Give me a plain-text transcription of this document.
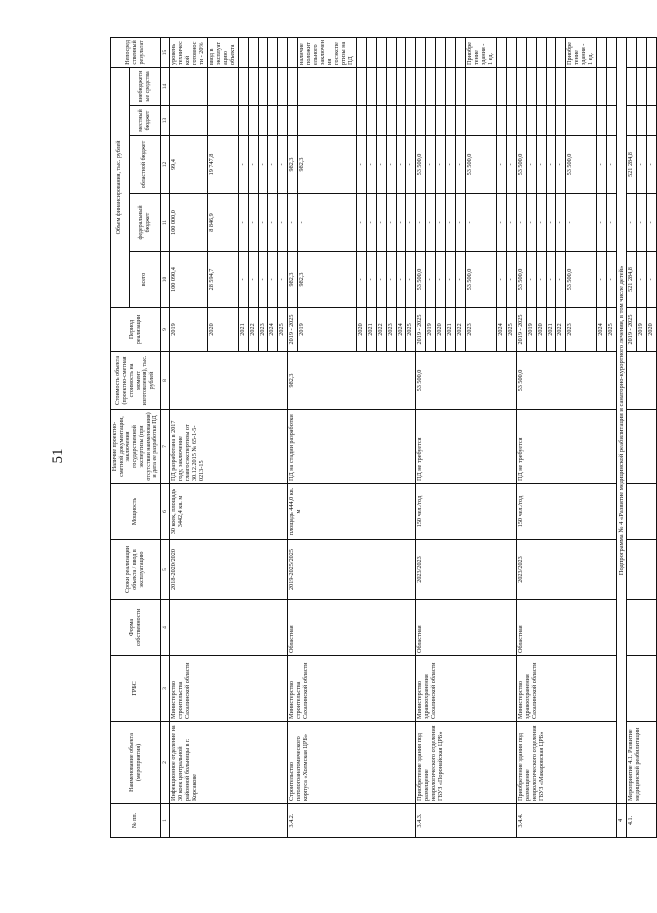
51
№ пп.	Наименование объекта (мероприятия)	ГРБС	Форма собственности	Сроки реализации объекта / ввод в эксплуатацию	Мощность	Наличие проектно-сметной документации, заключения государственной экспертизы (при отсутствии наименования) и дата ее разработки ПД	Стоимость объекта (проектно-сметная стоимость на момент изготовления), тыс. рублей	Период реализации	Объем финансирования, тыс. рублей					Непосредственный результат
									всего	федеральный бюджет	областной бюджет	местный бюджет	внебюджетные средства	
1	2	3	4	5	6	7	8	9	10	11	12	13	14	15
	Инфекционное отделение на 30 коек центральной районной больницы в г. Корсакове	Министерство строительства Сахалинской области		2018-2020/2020	30 коек, площадь 3442,4 кв. м	ПД разработана в 2017 году, заключение главгосэкспертизы от 30.12.2015 № 65-1-5-0213-15		2019	100 090,4	100 000,0	99,4			уровень технической готовности - 20%
								2020	28 594,7	8 846,9	19 747,8			ввод в эксплуатацию объекта
								2021	-	-	-			
								2022	-	-	-			
								2023	-	-	-			
								2024	-	-	-			
								2025	-	-	-			
3.4.2.	Строительство патологоанатомического корпуса «Холмская ЦРБ»	Министерство строительства Сахалинской области	Областная	2019-2025/2025	площадь 444,0 кв. м	ПД на стадии разработки	982,3	2019 - 2025	982,3	-	982,3			
								2019	982,3	-	982,3			наличие положительного заключения госэкспертизы на ПД
								2020	-	-	-			
								2021	-	-	-			
								2022	-	-	-			
								2023	-	-	-			
								2024	-	-	-			
								2025	-	-	-			
3.4.3.	Приобретение здания под размещение неврологического отделения ГБУЗ «Поронайская ЦРБ»	Министерство здравоохранения Сахалинской области	Областная	2023/2023	150 чел./год	ПД не требуется	53 500,0	2019 - 2025	53 500,0	-	53 500,0			
								2019	-	-	-			
								2020	-	-	-			
								2021	-	-	-			
								2022	-	-	-			
								2023	53 500,0	-	53 500,0			Приобретение здания - 1 ед.
								2024	-	-	-			
								2025	-	-	-			
3.4.4.	Приобретение здания под размещение неврологического отделения ГБУЗ «Макаровская ЦРБ»	Министерство здравоохранения Сахалинской области	Областная	2023/2023	150 чел./год	ПД не требуется	53 500,0	2019 - 2025	53 500,0	-	53 500,0			
								2019	-	-	-			
								2020	-	-	-			
								2021	-	-	-			
								2022	-	-	-			
								2023	53 500,0	-	53 500,0			Приобретение здания - 1 ед.
								2024	-	-	-			
								2025	-	-	-			
4	Подпрограмма № 4 «Развитие медицинской реабилитации и санаторно-курортного лечения, в том числе детей»													
4.1.	Мероприятие 4.1. Развитие медицинской реабилитации							2019 - 2025	521 284,8	-	521 284,8			
								2019	-	-	-			
								2020	-	-	-			
